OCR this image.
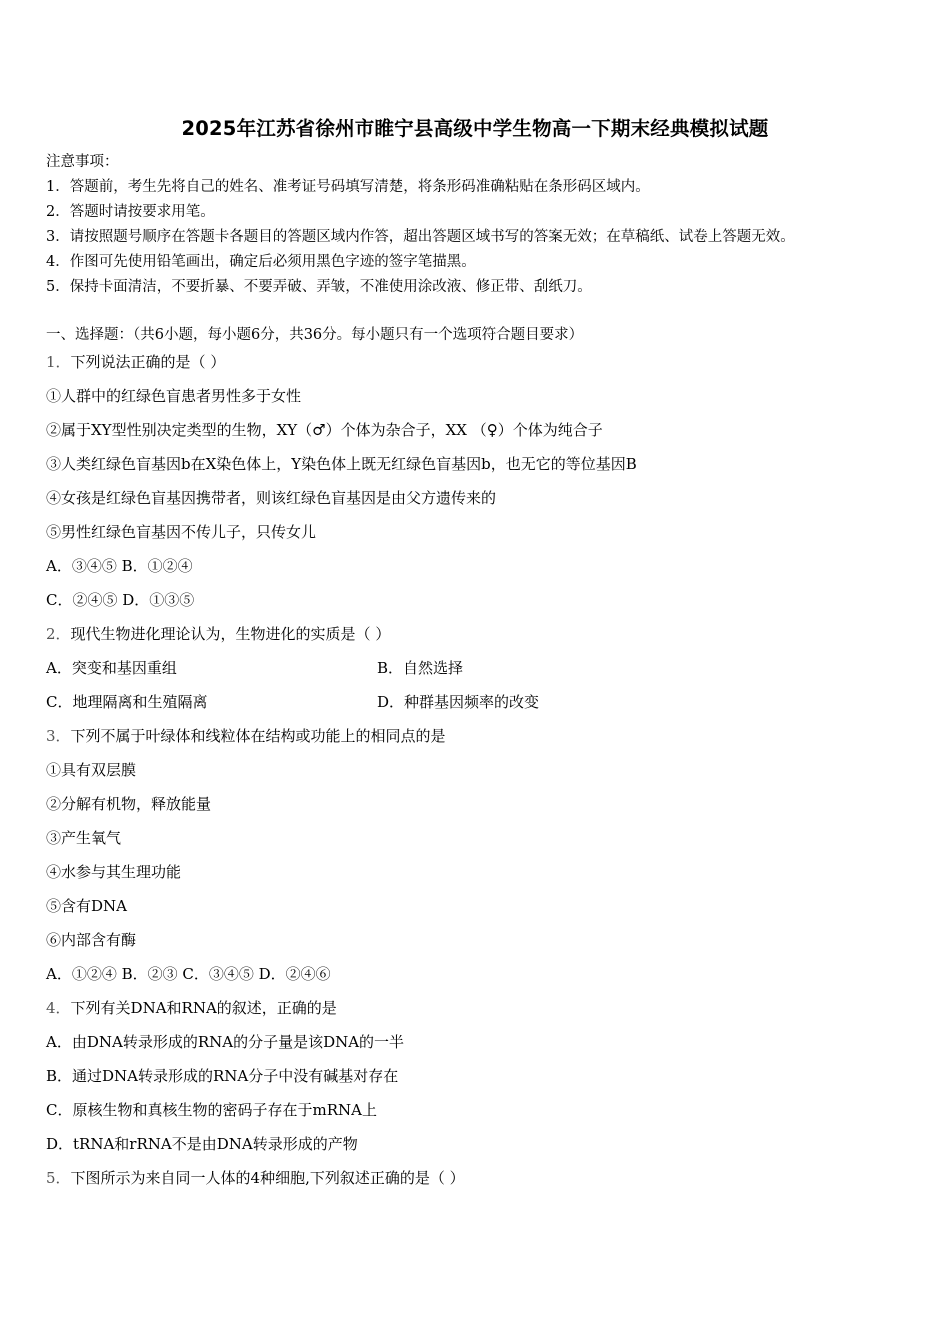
2025年江苏省徐州市睢宁县高级中学生物高一下期末经典模拟试题
注意事项：
1．答题前，考生先将自己的姓名、准考证号码填写清楚，将条形码准确粘贴在条形码区域内。
2．答题时请按要求用笔。
3．请按照题号顺序在答题卡各题目的答题区域内作答，超出答题区域书写的答案无效；在草稿纸、试卷上答题无效。
4．作图可先使用铅笔画出，确定后必须用黑色字迹的签字笔描黑。
5．保持卡面清洁，不要折暴、不要弄破、弄皱，不准使用涂改液、修正带、刮纸刀。
一、选择题：（共6小题，每小题6分，共36分。每小题只有一个选项符合题目要求）
1．下列说法正确的是（ ）
①人群中的红绿色盲患者男性多于女性
②属于XY型性别决定类型的生物，XY（♂）个体为杂合子，XX （♀）个体为纯合子
③人类红绿色盲基因b在X染色体上，Y染色体上既无红绿色盲基因b，也无它的等位基因B
④女孩是红绿色盲基因携带者，则该红绿色盲基因是由父方遗传来的
⑤男性红绿色盲基因不传儿子，只传女儿
A．③④⑤ B．①②④
C．②④⑤ D．①③⑤
2．现代生物进化理论认为，生物进化的实质是（ ）
A．突变和基因重组	B．自然选择
C．地理隔离和生殖隔离	D．种群基因频率的改变
3．下列不属于叶绿体和线粒体在结构或功能上的相同点的是
①具有双层膜
②分解有机物，释放能量
③产生氧气
④水参与其生理功能
⑤含有DNA
⑥内部含有酶
A．①②④ B．②③ C．③④⑤ D．②④⑥
4．下列有关DNA和RNA的叙述，正确的是
A．由DNA转录形成的RNA的分子量是该DNA的一半
B．通过DNA转录形成的RNA分子中没有碱基对存在
C．原核生物和真核生物的密码子存在于mRNA上
D．tRNA和rRNA不是由DNA转录形成的产物
5．下图所示为来自同一人体的4种细胞,下列叙述正确的是（ ）
